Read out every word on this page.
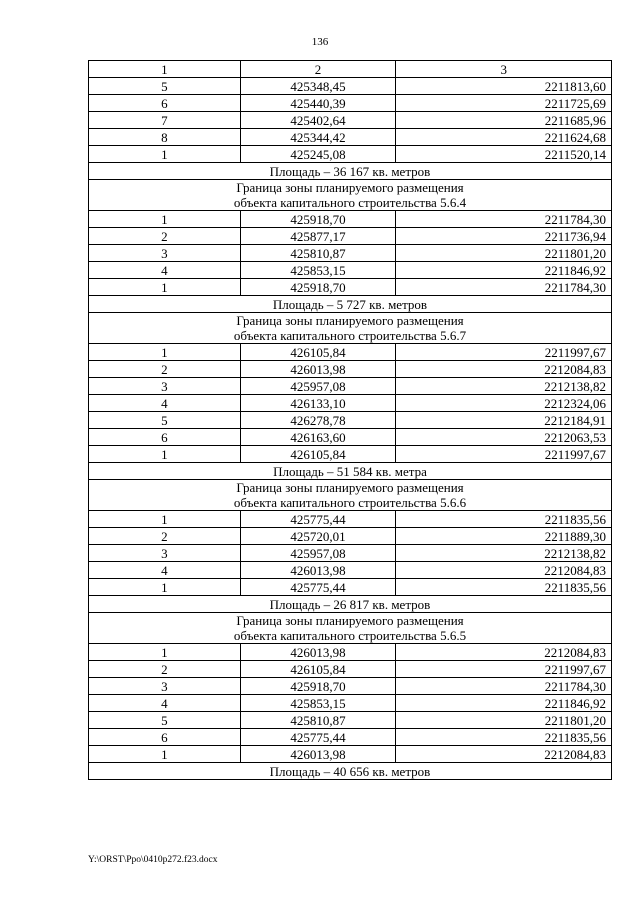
136
1	2	3
5	425348,45	2211813,60
6	425440,39	2211725,69
7	425402,64	2211685,96
8	425344,42	2211624,68
1	425245,08	2211520,14
Площадь – 36 167 кв. метров		

Граница зоны планируемого размещения
объекта капитального строительства 5.6.4		

1	425918,70	2211784,30
2	425877,17	2211736,94
3	425810,87	2211801,20
4	425853,15	2211846,92
1	425918,70	2211784,30
Площадь – 5 727 кв. метров		

Граница зоны планируемого размещения
объекта капитального строительства 5.6.7		

1	426105,84	2211997,67
2	426013,98	2212084,83
3	425957,08	2212138,82
4	426133,10	2212324,06
5	426278,78	2212184,91
6	426163,60	2212063,53
1	426105,84	2211997,67
Площадь – 51 584 кв. метра		

Граница зоны планируемого размещения
объекта капитального строительства 5.6.6		

1	425775,44	2211835,56
2	425720,01	2211889,30
3	425957,08	2212138,82
4	426013,98	2212084,83
1	425775,44	2211835,56
Площадь – 26 817 кв. метров		

Граница зоны планируемого размещения
объекта капитального строительства 5.6.5		

1	426013,98	2212084,83
2	426105,84	2211997,67
3	425918,70	2211784,30
4	425853,15	2211846,92
5	425810,87	2211801,20
6	425775,44	2211835,56
1	426013,98	2212084,83
Площадь – 40 656 кв. метров		
Y:\ORST\Ppo\0410p272.f23.docx
